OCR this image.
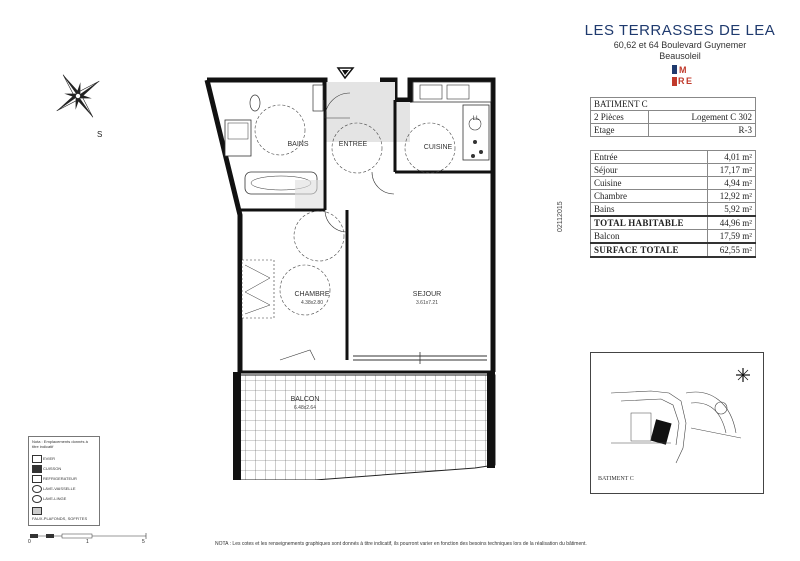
LES TERRASSES DE LEA
60,62 et 64 Boulevard Guynemer
Beausoleil
M
R E
BATIMENT C	
2 Pièces	Logement C 302
Etage	R-3
Entrée	4,01 m²
Séjour	17,17 m²
Cuisine	4,94 m²
Chambre	12,92 m²
Bains	5,92 m²
TOTAL HABITABLE	44,96 m²
Balcon	17,59 m²
SURFACE TOTALE	62,55 m²
02112015
S
BAINS	ENTREE	CUISINE
LL
CHAMBRE
4.38x2.80
SEJOUR
3.61x7.21
BALCON
6.48x2.64
BATIMENT C
Nota : Emplacements donnés à titre indicatif
EVIER
CUISSON
REFRIGERATEUR
LAVE-VAISSELLE
LAVE-LINGE
FAUX-PLAFONDS, SOFFITES
0	1	5	NOTA : Les cotes et les renseignements graphiques sont donnés à titre indicatif, ils pourront varier en fonction des besoins techniques lors de la réalisation du bâtiment.
